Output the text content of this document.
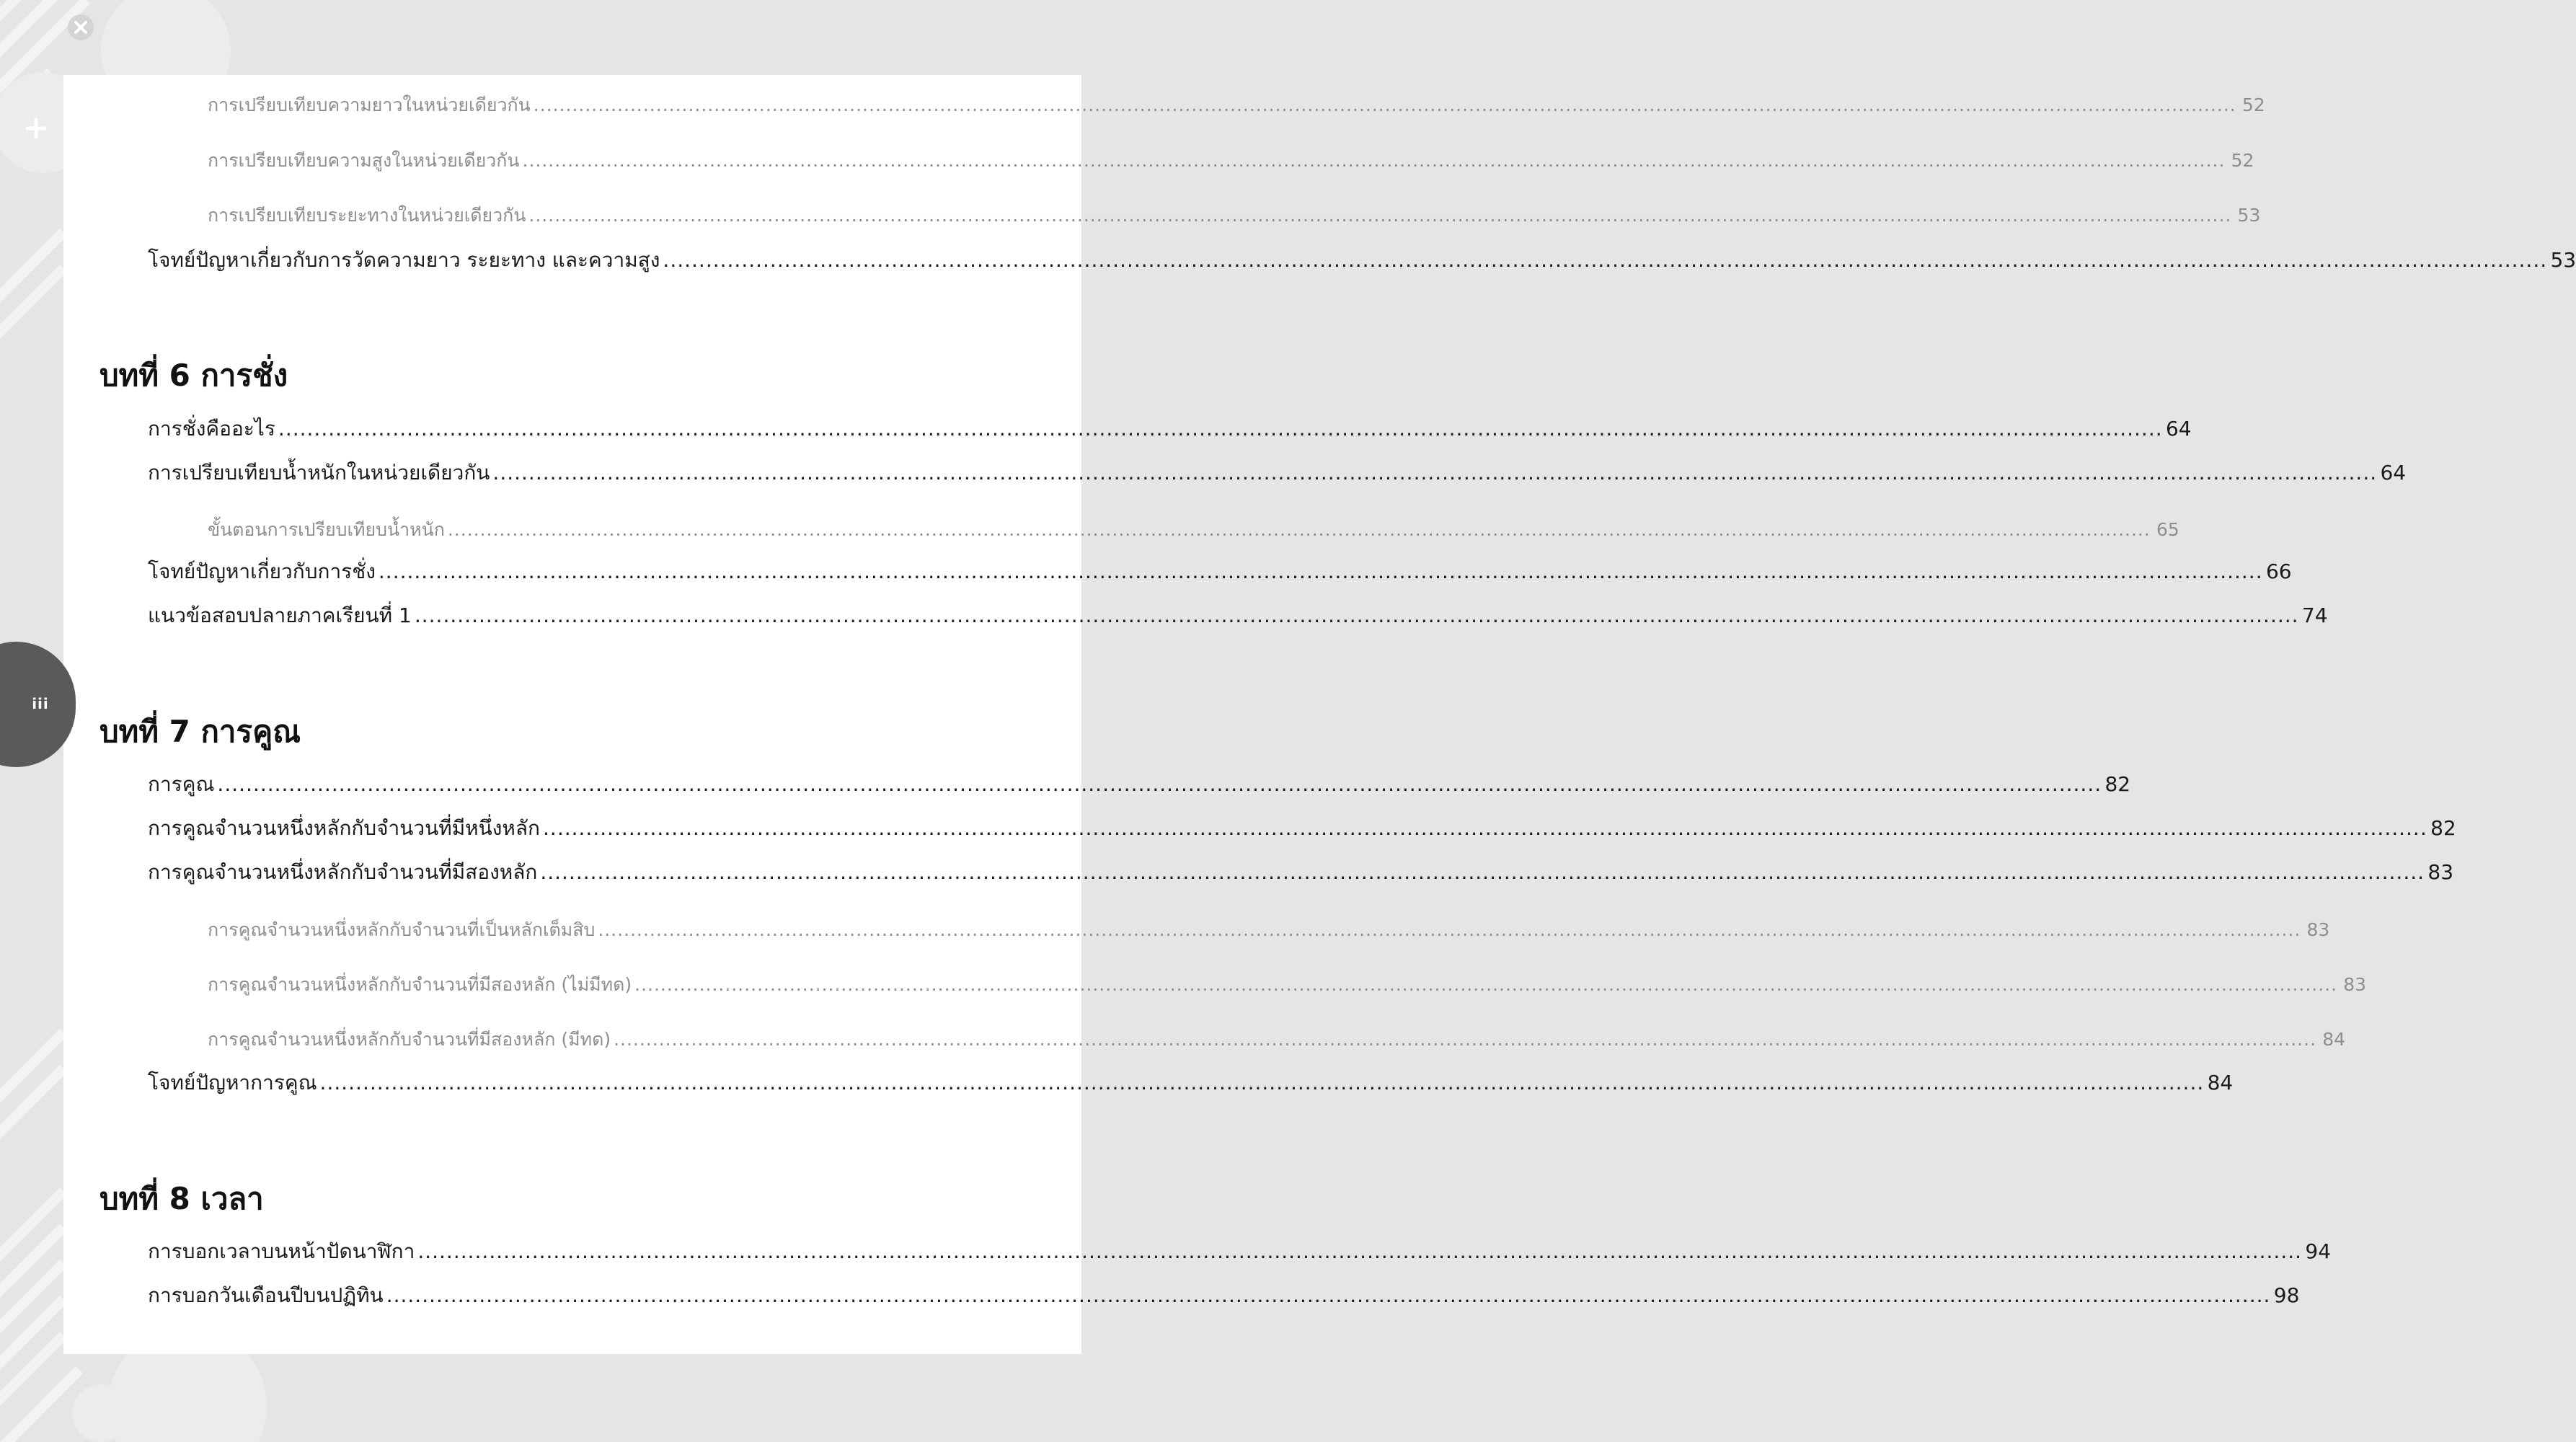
การเปรียบเทียบความยาวในหน่วยเดียวกัน ........................................................................................................................................................................................................................................................................ 52
การเปรียบเทียบความสูงในหน่วยเดียวกัน ........................................................................................................................................................................................................................................................................ 52
การเปรียบเทียบระยะทางในหน่วยเดียวกัน ........................................................................................................................................................................................................................................................................ 53
โจทย์ปัญหาเกี่ยวกับการวัดความยาว ระยะทาง และความสูง ........................................................................................................................................................................................................................................................................ 53
บทที่ 6 การชั่ง
การชั่งคืออะไร ........................................................................................................................................................................................................................................................................ 64
การเปรียบเทียบน้ำหนักในหน่วยเดียวกัน ........................................................................................................................................................................................................................................................................ 64
ขั้นตอนการเปรียบเทียบน้ำหนัก ........................................................................................................................................................................................................................................................................ 65
โจทย์ปัญหาเกี่ยวกับการชั่ง ........................................................................................................................................................................................................................................................................ 66
แนวข้อสอบปลายภาคเรียนที่ 1 ........................................................................................................................................................................................................................................................................ 74
บทที่ 7 การคูณ
การคูณ ........................................................................................................................................................................................................................................................................ 82
การคูณจำนวนหนึ่งหลักกับจำนวนที่มีหนึ่งหลัก ........................................................................................................................................................................................................................................................................ 82
การคูณจำนวนหนึ่งหลักกับจำนวนที่มีสองหลัก ........................................................................................................................................................................................................................................................................ 83
การคูณจำนวนหนึ่งหลักกับจำนวนที่เป็นหลักเต็มสิบ ........................................................................................................................................................................................................................................................................ 83
การคูณจำนวนหนึ่งหลักกับจำนวนที่มีสองหลัก (ไม่มีทด) ........................................................................................................................................................................................................................................................................ 83
การคูณจำนวนหนึ่งหลักกับจำนวนที่มีสองหลัก (มีทด) ........................................................................................................................................................................................................................................................................ 84
โจทย์ปัญหาการคูณ ........................................................................................................................................................................................................................................................................ 84
บทที่ 8 เวลา
การบอกเวลาบนหน้าปัดนาฬิกา ........................................................................................................................................................................................................................................................................ 94
การบอกวันเดือนปีบนปฏิทิน ........................................................................................................................................................................................................................................................................ 98
iii
